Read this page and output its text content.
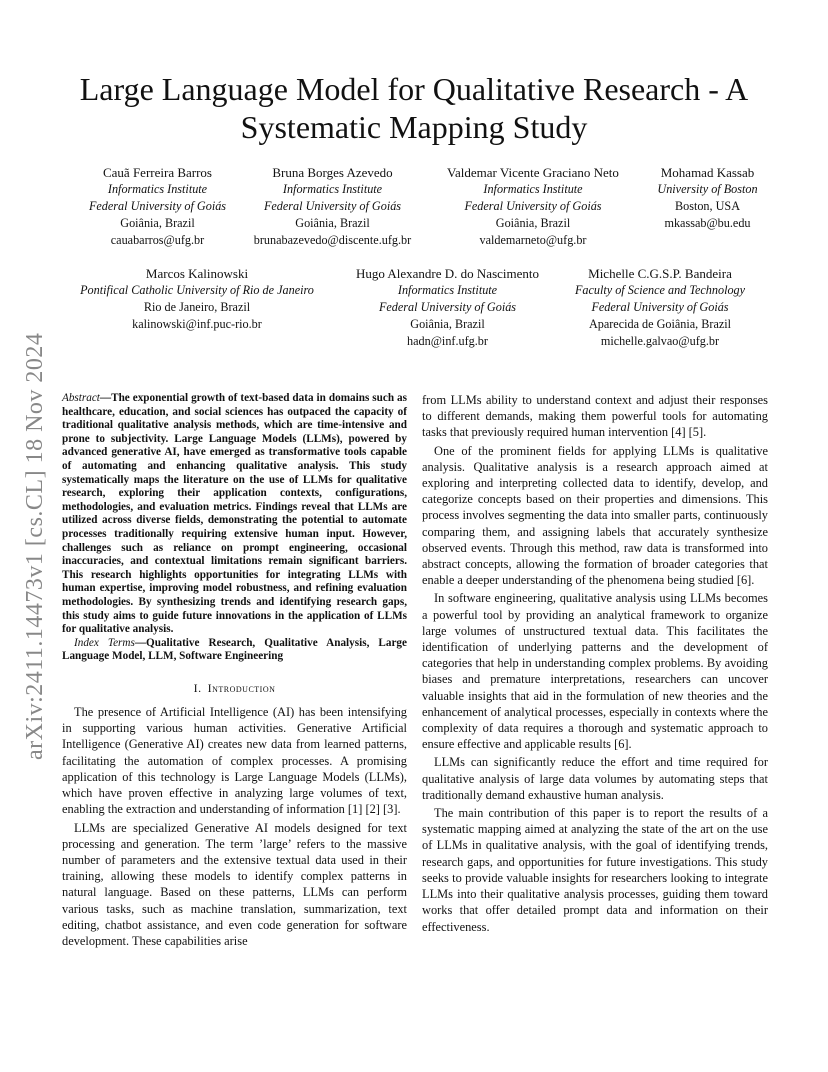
arXiv:2411.14473v1 [cs.CL] 18 Nov 2024
Large Language Model for Qualitative Research - A Systematic Mapping Study
Cauã Ferreira Barros
Informatics Institute
Federal University of Goiás
Goiânia, Brazil
cauabarros@ufg.br
Bruna Borges Azevedo
Informatics Institute
Federal University of Goiás
Goiânia, Brazil
brunabazevedo@discente.ufg.br
Valdemar Vicente Graciano Neto
Informatics Institute
Federal University of Goiás
Goiânia, Brazil
valdemarneto@ufg.br
Mohamad Kassab
University of Boston
Boston, USA
mkassab@bu.edu
Marcos Kalinowski
Pontifical Catholic University of Rio de Janeiro
Rio de Janeiro, Brazil
kalinowski@inf.puc-rio.br
Hugo Alexandre D. do Nascimento
Informatics Institute
Federal University of Goiás
Goiânia, Brazil
hadn@inf.ufg.br
Michelle C.G.S.P. Bandeira
Faculty of Science and Technology
Federal University of Goiás
Aparecida de Goiânia, Brazil
michelle.galvao@ufg.br

Abstract—The exponential growth of text-based data in domains such as healthcare, education, and social sciences has outpaced the capacity of traditional qualitative analysis methods, which are time-intensive and prone to subjectivity. Large Language Models (LLMs), powered by advanced generative AI, have emerged as transformative tools capable of automating and enhancing qualitative analysis. This study systematically maps the literature on the use of LLMs for qualitative research, exploring their application contexts, configurations, methodologies, and evaluation metrics. Findings reveal that LLMs are utilized across diverse fields, demonstrating the potential to automate processes traditionally requiring extensive human input. However, challenges such as reliance on prompt engineering, occasional inaccuracies, and contextual limitations remain significant barriers. This research highlights opportunities for integrating LLMs with human expertise, improving model robustness, and refining evaluation methodologies. By synthesizing trends and identifying research gaps, this study aims to guide future innovations in the application of LLMs for qualitative analysis.

Index Terms—Qualitative Research, Qualitative Analysis, Large Language Model, LLM, Software Engineering

I. Introduction

The presence of Artificial Intelligence (AI) has been intensifying in supporting various human activities. Generative Artificial Intelligence (Generative AI) creates new data from learned patterns, facilitating the automation of complex processes. A promising application of this technology is Large Language Models (LLMs), which have proven effective in analyzing large volumes of text, enabling the extraction and understanding of information [1] [2] [3].

LLMs are specialized Generative AI models designed for text processing and generation. The term ’large’ refers to the massive number of parameters and the extensive textual data used in their training, allowing these models to identify complex patterns in natural language. Based on these patterns, LLMs can perform various tasks, such as machine translation, summarization, text editing, chatbot assistance, and even code generation for software development. These capabilities arise

from LLMs ability to understand context and adjust their responses to different demands, making them powerful tools for automating tasks that previously required human intervention [4] [5].

One of the prominent fields for applying LLMs is qualitative analysis. Qualitative analysis is a research approach aimed at exploring and interpreting collected data to identify, develop, and categorize concepts based on their properties and dimensions. This process involves segmenting the data into smaller parts, continuously comparing them, and assigning labels that accurately synthesize observed events. Through this method, raw data is transformed into abstract concepts, allowing the formation of broader categories that enable a deeper understanding of the phenomena being studied [6].

In software engineering, qualitative analysis using LLMs becomes a powerful tool by providing an analytical framework to organize large volumes of unstructured textual data. This facilitates the identification of underlying patterns and the development of categories that help in understanding complex problems. By avoiding biases and premature interpretations, researchers can uncover valuable insights that aid in the formulation of new theories and the enhancement of analytical processes, especially in contexts where the complexity of data requires a thorough and systematic approach to ensure effective and applicable results [6].

LLMs can significantly reduce the effort and time required for qualitative analysis of large data volumes by automating steps that traditionally demand exhaustive human analysis.

The main contribution of this paper is to report the results of a systematic mapping aimed at analyzing the state of the art on the use of LLMs in qualitative analysis, with the goal of identifying trends, research gaps, and opportunities for future investigations. This study seeks to provide valuable insights for researchers looking to integrate LLMs into their qualitative analysis processes, guiding them toward works that offer detailed prompt data and information on their effectiveness.
